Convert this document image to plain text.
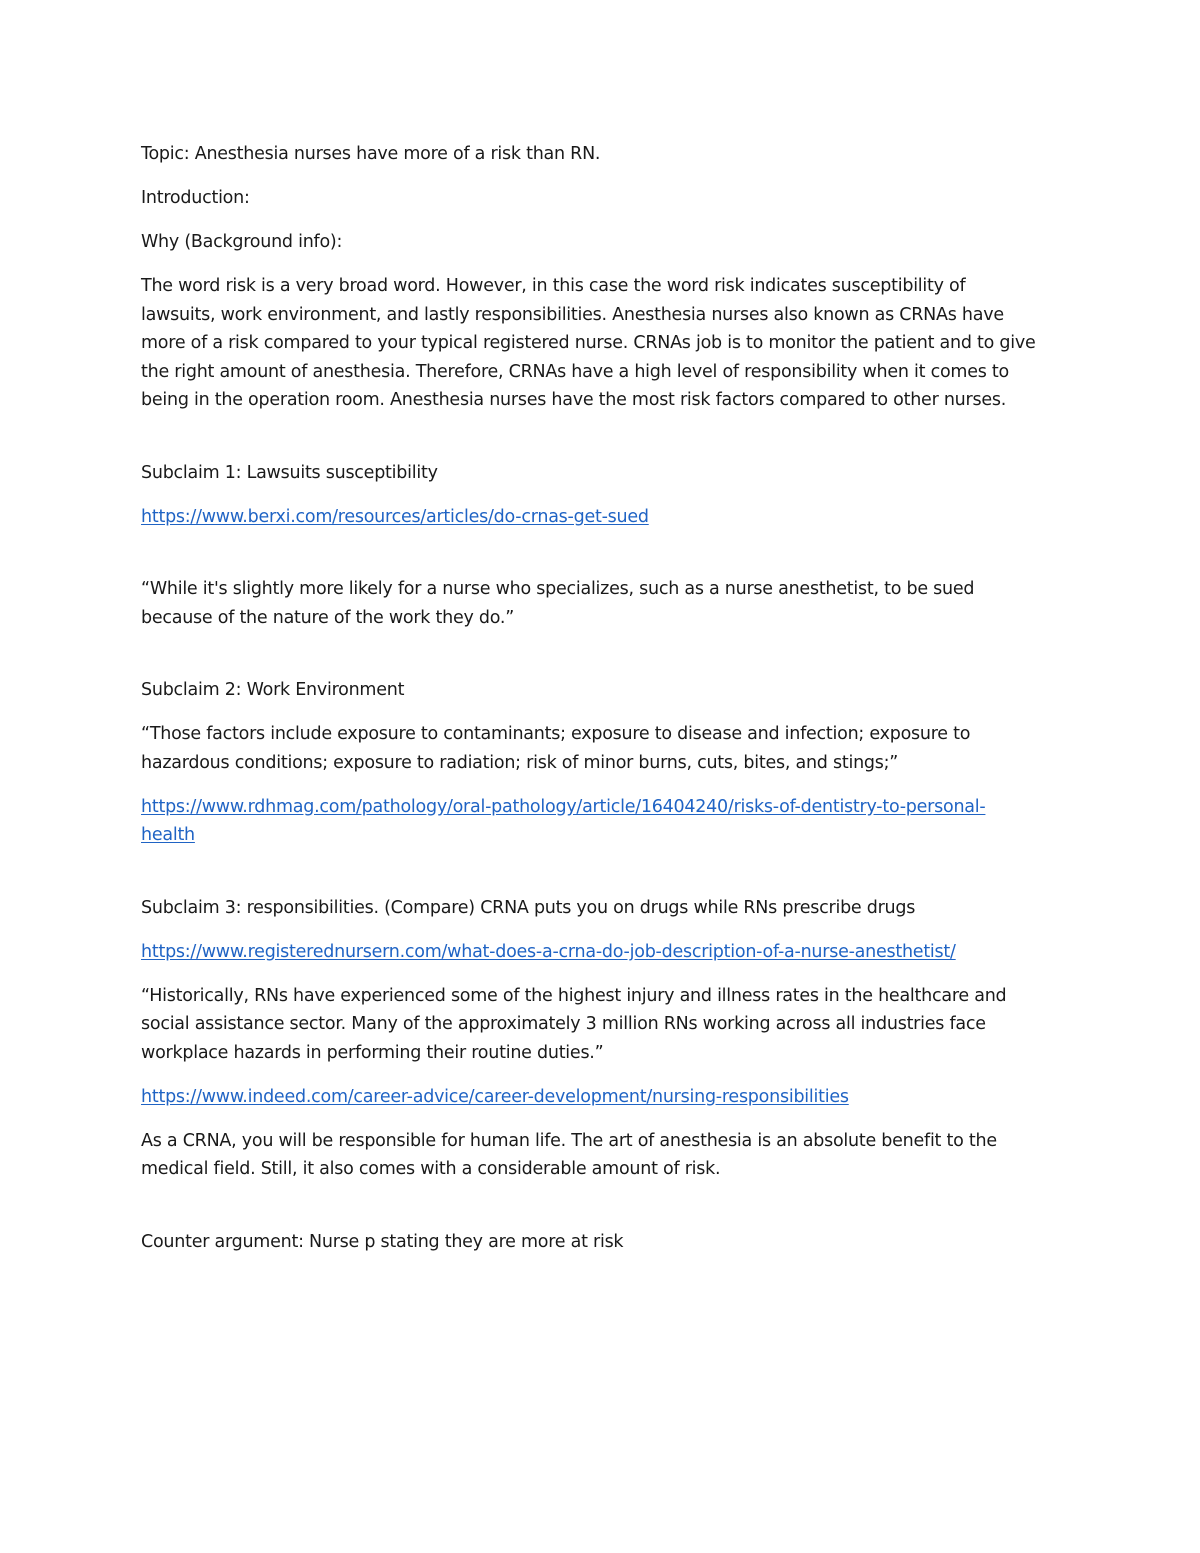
Topic: Anesthesia nurses have more of a risk than RN.

Introduction:

Why (Background info):

The word risk is a very broad word. However, in this case the word risk indicates susceptibility of
lawsuits, work environment, and lastly responsibilities. Anesthesia nurses also known as CRNAs have
more of a risk compared to your typical registered nurse. CRNAs job is to monitor the patient and to give
the right amount of anesthesia. Therefore, CRNAs have a high level of responsibility when it comes to
being in the operation room. Anesthesia nurses have the most risk factors compared to other nurses.

Subclaim 1: Lawsuits susceptibility

https://www.berxi.com/resources/articles/do-crnas-get-sued

“While it's slightly more likely for a nurse who specializes, such as a nurse anesthetist, to be sued
because of the nature of the work they do.”

Subclaim 2: Work Environment

“Those factors include exposure to contaminants; exposure to disease and infection; exposure to
hazardous conditions; exposure to radiation; risk of minor burns, cuts, bites, and stings;”

https://www.rdhmag.com/pathology/oral-pathology/article/16404240/risks-of-dentistry-to-personal-
health

Subclaim 3: responsibilities. (Compare) CRNA puts you on drugs while RNs prescribe drugs

https://www.registerednursern.com/what-does-a-crna-do-job-description-of-a-nurse-anesthetist/

“Historically, RNs have experienced some of the highest injury and illness rates in the healthcare and
social assistance sector. Many of the approximately 3 million RNs working across all industries face
workplace hazards in performing their routine duties.”

https://www.indeed.com/career-advice/career-development/nursing-responsibilities

As a CRNA, you will be responsible for human life. The art of anesthesia is an absolute benefit to the
medical field. Still, it also comes with a considerable amount of risk.

Counter argument: Nurse p stating they are more at risk
